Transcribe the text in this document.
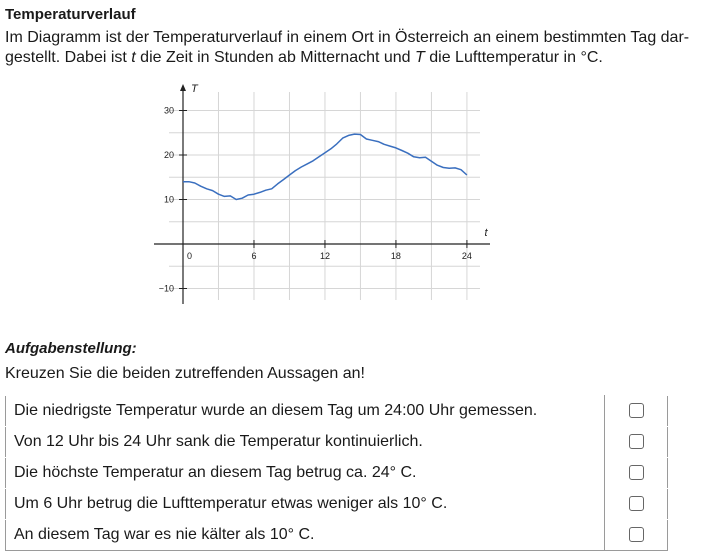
Temperaturverlauf
Im Diagramm ist der Temperaturverlauf in einem Ort in Österreich an einem bestimmten Tag dar-
gestellt. Dabei ist t die Zeit in Stunden ab Mitternacht und T die Lufttemperatur in °C.
0	6	12	18	24
−10
10
20
30
t
T
Aufgabenstellung:
Kreuzen Sie die beiden zutreffenden Aussagen an!
Die niedrigste Temperatur wurde an diesem Tag um 24:00 Uhr gemessen.	
Von 12 Uhr bis 24 Uhr sank die Temperatur kontinuierlich.	
Die höchste Temperatur an diesem Tag betrug ca. 24° C.	
Um 6 Uhr betrug die Lufttemperatur etwas weniger als 10° C.	
An diesem Tag war es nie kälter als 10° C.	
